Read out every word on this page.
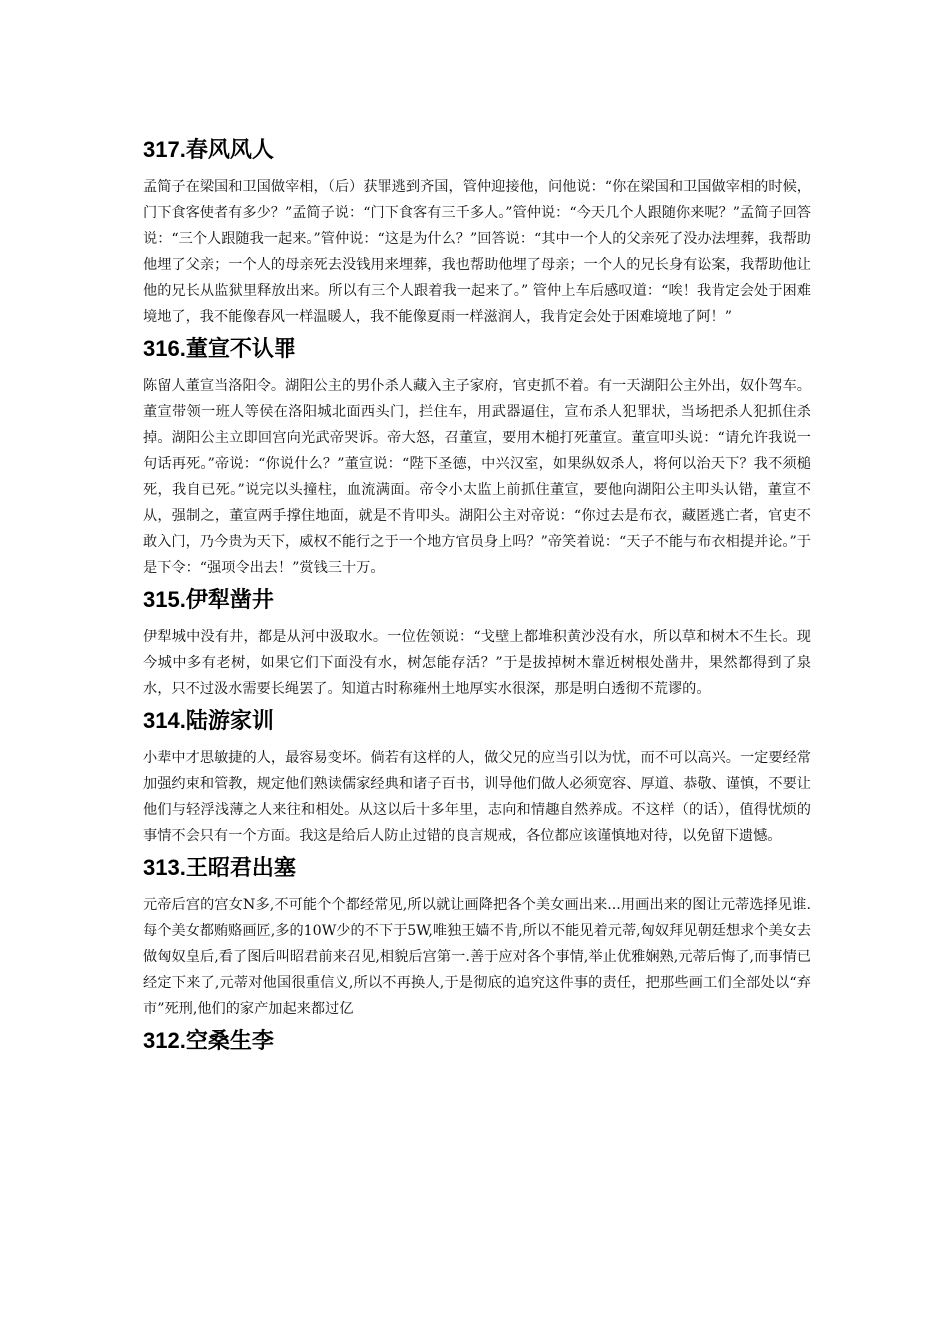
317.春风风人

孟简子在梁国和卫国做宰相，（后）获罪逃到齐国，管仲迎接他，问他说：“你在梁国和卫国做宰相的时候，门下食客使者有多少？”孟简子说：“门下食客有三千多人。”管仲说：“今天几个人跟随你来呢？”孟简子回答说：“三个人跟随我一起来。”管仲说：“这是为什么？”回答说：“其中一个人的父亲死了没办法埋葬，我帮助他埋了父亲；一个人的母亲死去没钱用来埋葬，我也帮助他埋了母亲；一个人的兄长身有讼案，我帮助他让他的兄长从监狱里释放出来。所以有三个人跟着我一起来了。” 管仲上车后感叹道：“唉！我肯定会处于困难境地了，我不能像春风一样温暖人，我不能像夏雨一样滋润人，我肯定会处于困难境地了阿！”

316.董宣不认罪

陈留人董宣当洛阳令。湖阳公主的男仆杀人藏入主子家府，官吏抓不着。有一天湖阳公主外出，奴仆驾车。董宣带领一班人等侯在洛阳城北面西头门，拦住车，用武器逼住，宣布杀人犯罪状，当场把杀人犯抓住杀掉。湖阳公主立即回宫向光武帝哭诉。帝大怒，召董宣，要用木槌打死董宣。董宣叩头说：“请允许我说一句话再死。”帝说：“你说什么？”董宣说：“陛下圣德，中兴汉室，如果纵奴杀人，将何以治天下？我不须槌死，我自已死。”说完以头撞柱，血流满面。帝令小太监上前抓住董宣，要他向湖阳公主叩头认错，董宣不从，强制之，董宣两手撑住地面，就是不肯叩头。湖阳公主对帝说：“你过去是布衣，藏匿逃亡者，官吏不敢入门，乃今贵为天下，威权不能行之于一个地方官员身上吗？”帝笑着说：“天子不能与布衣相提并论。”于是下令：“强项令出去！”赏钱三十万。

315.伊犁凿井

伊犁城中没有井，都是从河中汲取水。一位佐领说：“戈壁上都堆积黄沙没有水，所以草和树木不生长。现今城中多有老树，如果它们下面没有水，树怎能存活？”于是拔掉树木靠近树根处凿井，果然都得到了泉水，只不过汲水需要长绳罢了。知道古时称雍州土地厚实水很深，那是明白透彻不荒谬的。

314.陆游家训

小辈中才思敏捷的人，最容易变坏。倘若有这样的人，做父兄的应当引以为忧，而不可以高兴。一定要经常加强约束和管教，规定他们熟读儒家经典和诸子百书，训导他们做人必须宽容、厚道、恭敬、谨慎，不要让他们与轻浮浅薄之人来往和相处。从这以后十多年里，志向和情趣自然养成。不这样（的话），值得忧烦的事情不会只有一个方面。我这是给后人防止过错的良言规戒，各位都应该谨慎地对待，以免留下遗憾。

313.王昭君出塞

元帝后宫的宫女N多,不可能个个都经常见,所以就让画降把各个美女画出来...用画出来的图让元蒂选择见谁.每个美女都贿赂画匠,多的10W少的不下于5W,唯独王嫱不肯,所以不能见着元蒂,匈奴拜见朝廷想求个美女去做匈奴皇后,看了图后叫昭君前来召见,相貌后宫第一.善于应对各个事情,举止优雅娴熟,元蒂后悔了,而事情已经定下来了,元蒂对他国很重信义,所以不再换人,于是彻底的追究这件事的责任，把那些画工们全部处以“弃市”死刑,他们的家产加起来都过亿

312.空桑生李
